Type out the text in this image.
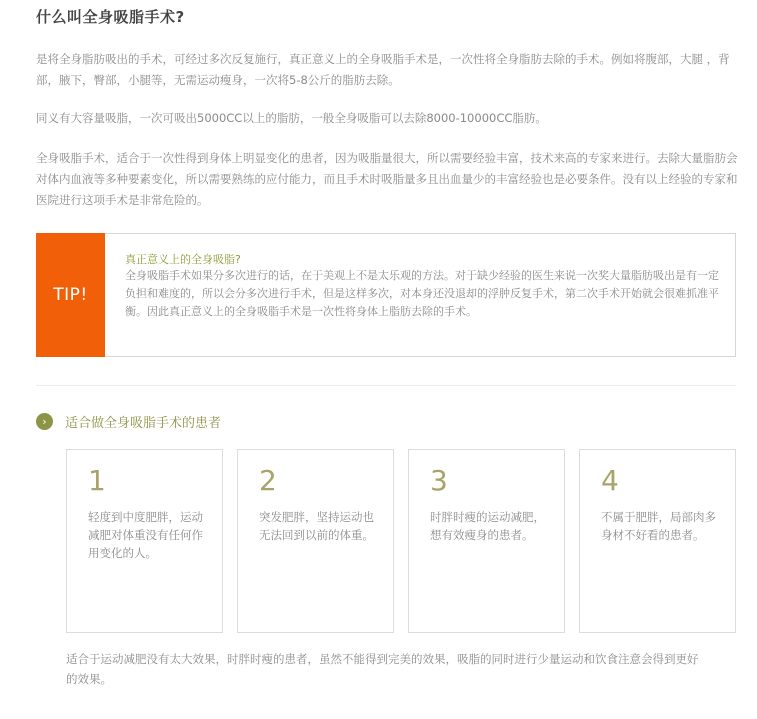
什么叫全身吸脂手术?

是将全身脂肪吸出的手术，可经过多次反复施行，真正意义上的全身吸脂手术是，一次性将全身脂肪去除的手术。例如将腹部，大腿 ，背部，腋下，臀部，小腿等，无需运动瘦身，一次将5-8公斤的脂肪去除。

同义有大容量吸脂，一次可吸出5000CC以上的脂肪，一般全身吸脂可以去除8000-10000CC脂肪。

全身吸脂手术，适合于一次性得到身体上明显变化的患者，因为吸脂量很大，所以需要经验丰富，技术来高的专家来进行。去除大量脂肪会对体内血液等多种要素变化，所以需要熟练的应付能力，而且手术时吸脂量多且出血量少的丰富经验也是必要条件。没有以上经验的专家和医院进行这项手术是非常危险的。

TIP!
真正意义上的全身吸脂?
全身吸脂手术如果分多次进行的话，在于美观上不是太乐观的方法。对于缺少经验的医生来说一次奖大量脂肪吸出是有一定负担和难度的，所以会分多次进行手术，但是这样多次，对本身还没退却的浮肿反复手术，第二次手术开始就会很难抓准平衡。因此真正意义上的全身吸脂手术是一次性将身体上脂肪去除的手术。
›	适合做全身吸脂手术的患者
1
轻度到中度肥胖，运动减肥对体重没有任何作用变化的人。
2
突发肥胖，坚持运动也无法回到以前的体重。
3
时胖时瘦的运动减肥，想有效瘦身的患者。
4
不属于肥胖，局部肉多身材不好看的患者。

适合于运动减肥没有太大效果，时胖时瘦的患者，虽然不能得到完美的效果，吸脂的同时进行少量运动和饮食注意会得到更好的效果。
